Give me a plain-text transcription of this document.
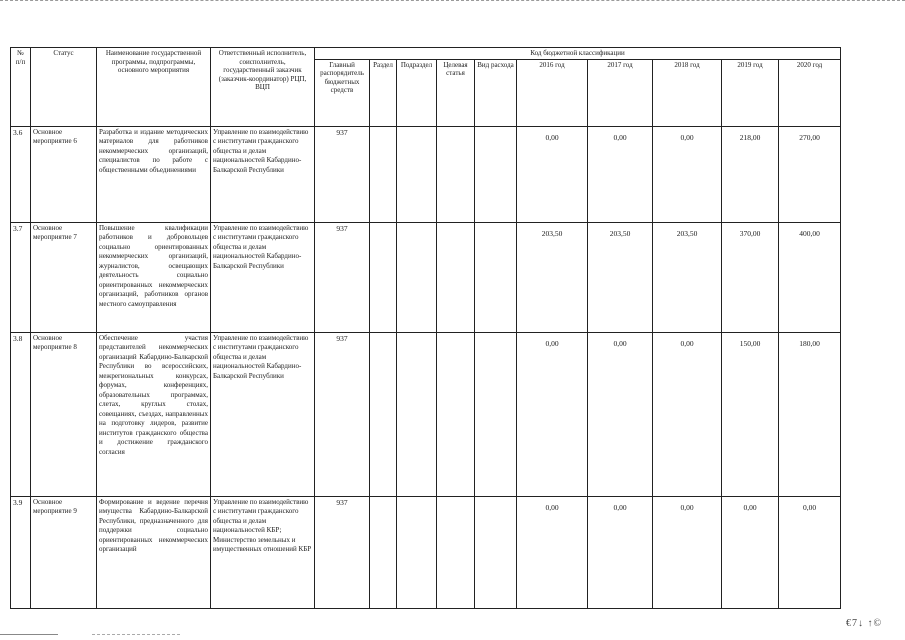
№
п/п	Статус	Наименование государственной программы, подпрограммы, основного мероприятия	Ответственный исполнитель, соисполнитель, государственный заказчик (заказчик-координатор) РЦП, ВЦП	Код бюджетной классификации									
				Главный распорядитель бюджетных средств	Раздел	Подраздел	Целевая статья	Вид расхода	2016 год	2017 год	2018 год	2019 год	2020 год
3.6	Основное мероприятие 6	Разработка и издание методических материалов для работников некоммерческих организаций, специалистов по работе с общественными объединениями	Управление по взаимодействию с институтами гражданского общества и делам национальностей Кабардино-Балкарской Республики	937					0,00	0,00	0,00	218,00	270,00
3.7	Основное мероприятие 7	Повышение квалификации работников и добровольцев социально ориентированных некоммерческих организаций, журналистов, освещающих деятельность социально ориентированных некоммерческих организаций, работников органов местного самоуправления	Управление по взаимодействию с институтами гражданского общества и делам национальностей Кабардино-Балкарской Республики	937					203,50	203,50	203,50	370,00	400,00
3.8	Основное мероприятие 8	Обеспечение участия представителей некоммерческих организаций Кабардино-Балкарской Республики во всероссийских, межрегиональных конкурсах, форумах, конференциях, образовательных программах, слетах, круглых столах, совещаниях, съездах, направленных на подготовку лидеров, развитие институтов гражданского общества и достижение гражданского согласия	Управление по взаимодействию с институтами гражданского общества и делам национальностей Кабардино-Балкарской Республики	937					0,00	0,00	0,00	150,00	180,00
3.9	Основное мероприятие 9	Формирование и ведение перечня имущества Кабардино-Балкарской Республики, предназначенного для поддержки социально ориентированных некоммерческих организаций	Управление по взаимодействию с институтами гражданского общества и делам национальностей КБР; Министерство земельных и имущественных отношений КБР	937					0,00	0,00	0,00	0,00	0,00
€7↓ ↑©
